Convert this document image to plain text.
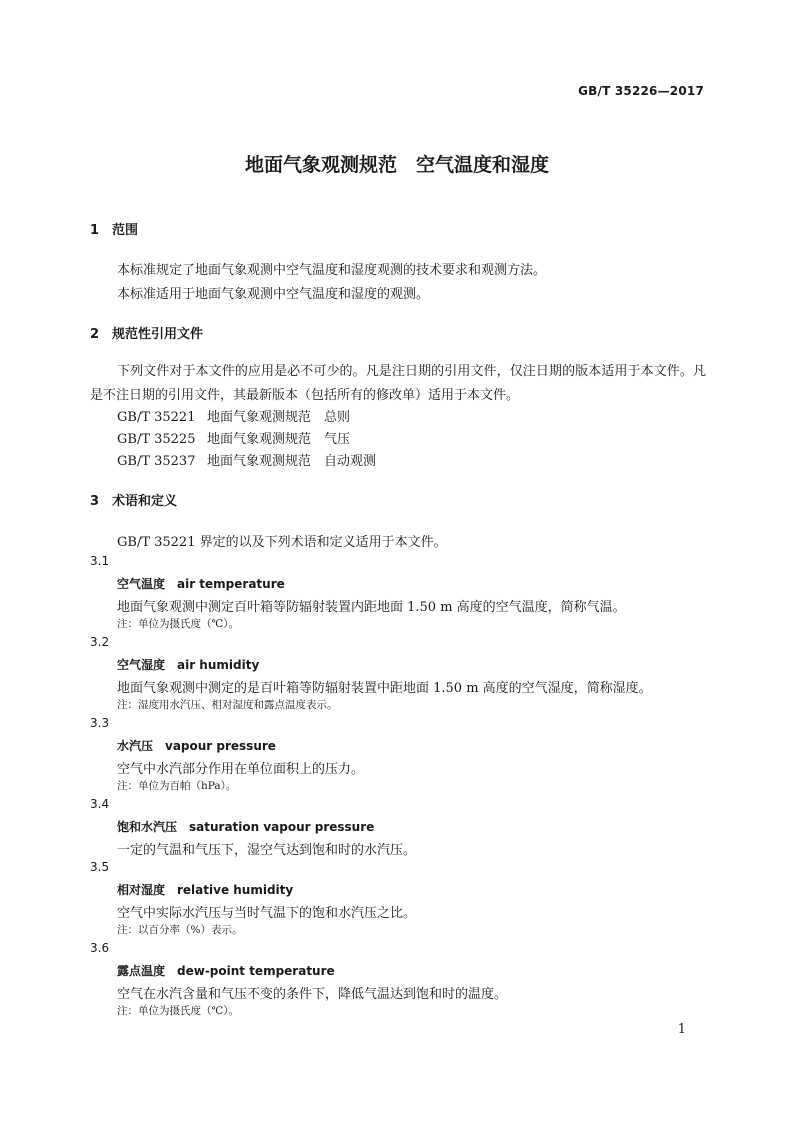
GB/T 35226—2017
地面气象观测规范　空气温度和湿度
1 范围
本标准规定了地面气象观测中空气温度和湿度观测的技术要求和观测方法。
本标准适用于地面气象观测中空气温度和湿度的观测。
2 规范性引用文件
下列文件对于本文件的应用是必不可少的。凡是注日期的引用文件，仅注日期的版本适用于本文件。凡是不注日期的引用文件，其最新版本（包括所有的修改单）适用于本文件。
GB/T 35221 地面气象观测规范　总则
GB/T 35225 地面气象观测规范　气压
GB/T 35237 地面气象观测规范　自动观测
3 术语和定义
GB/T 35221 界定的以及下列术语和定义适用于本文件。
3.1
空气温度　air temperature
地面气象观测中测定百叶箱等防辐射装置内距地面 1.50 m 高度的空气温度，简称气温。
注：单位为摄氏度（℃）。
3.2
空气湿度　air humidity
地面气象观测中测定的是百叶箱等防辐射装置中距地面 1.50 m 高度的空气湿度，简称湿度。
注：湿度用水汽压、相对湿度和露点温度表示。
3.3
水汽压　vapour pressure
空气中水汽部分作用在单位面积上的压力。
注：单位为百帕（hPa）。
3.4
饱和水汽压　saturation vapour pressure
一定的气温和气压下，湿空气达到饱和时的水汽压。
3.5
相对湿度　relative humidity
空气中实际水汽压与当时气温下的饱和水汽压之比。
注：以百分率（%）表示。
3.6
露点温度　dew-point temperature
空气在水汽含量和气压不变的条件下，降低气温达到饱和时的温度。
注：单位为摄氏度（℃）。
1
